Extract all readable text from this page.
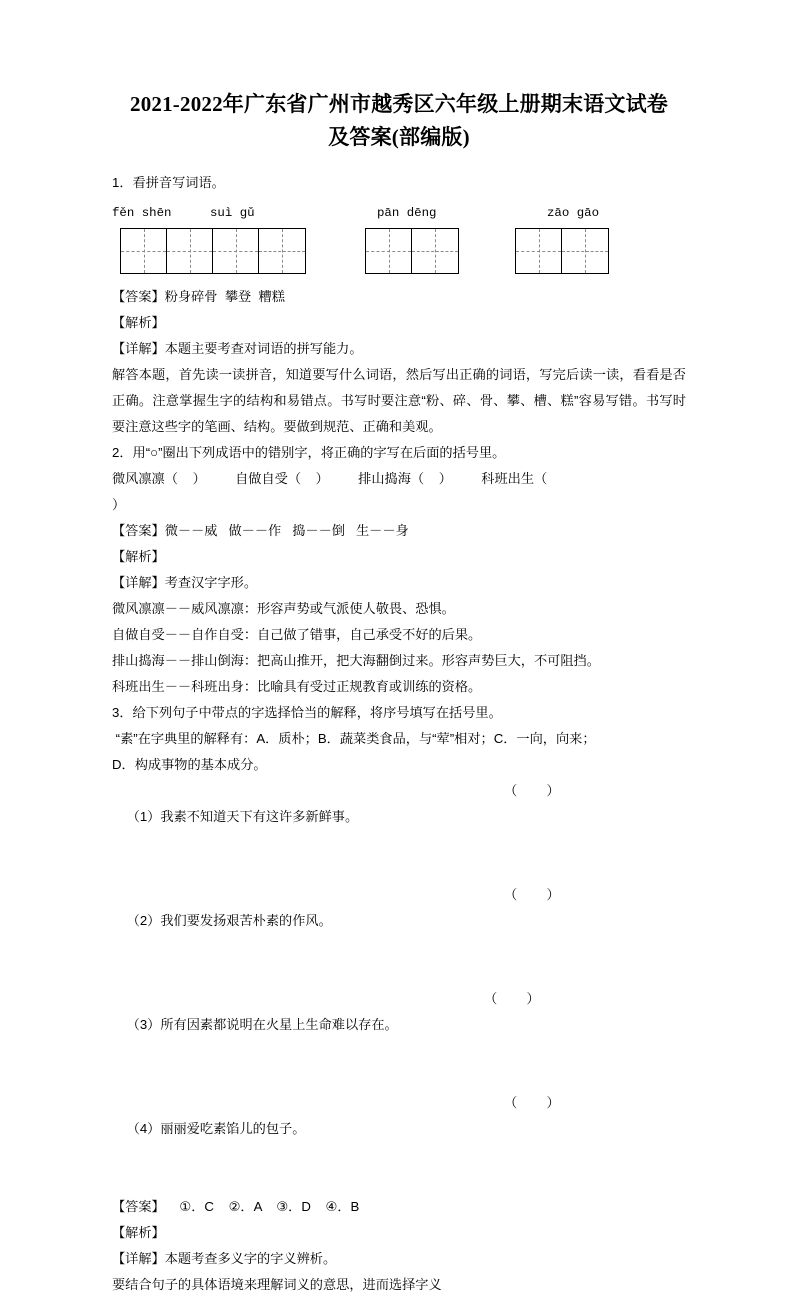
2021-2022年广东省广州市越秀区六年级上册期末语文试卷
及答案(部编版)

1．看拼音写词语。

fěn shēn	suì gǔ	pān dēng	zāo gāo

【答案】粉身碎骨  攀登  糟糕

【解析】

【详解】本题主要考查对词语的拼写能力。

解答本题，首先读一读拼音，知道要写什么词语，然后写出正确的词语，写完后读一读，看看是否正确。注意掌握生字的结构和易错点。书写时要注意“粉、碎、骨、攀、槽、糕”容易写错。书写时要注意这些字的笔画、结构。要做到规范、正确和美观。

2．用“○”圈出下列成语中的错别字，将正确的字写在后面的括号里。

微风凛凛（    ）        自做自受（    ）        排山捣海（    ）        科班出生（

）

【答案】微－－威   做－－作   捣－－倒   生－－身

【解析】

【详解】考查汉字字形。

微风凛凛－－威风凛凛：形容声势或气派使人敬畏、恐惧。

自做自受－－自作自受：自己做了错事，自己承受不好的后果。

排山捣海－－排山倒海：把高山推开，把大海翻倒过来。形容声势巨大，不可阻挡。

科班出生－－科班出身：比喻具有受过正规教育或训练的资格。

3．给下列句子中带点的字选择恰当的解释，将序号填写在括号里。

“素”在字典里的解释有：A．质朴；B．蔬菜类食品，与“荤”相对；C．一向，向来；

D．构成事物的基本成分。

（1）我素不知道天下有这许多新鲜事。

（        ）

（2）我们要发扬艰苦朴素的作风。

（        ）

（3）所有因素都说明在火星上生命难以存在。

（        ）

（4）丽丽爱吃素馅儿的包子。

（        ）

【答案】    ①．C    ②．A    ③．D    ④．B

【解析】

【详解】本题考查多义字的字义辨析。

要结合句子的具体语境来理解词义的意思，进而选择字义
